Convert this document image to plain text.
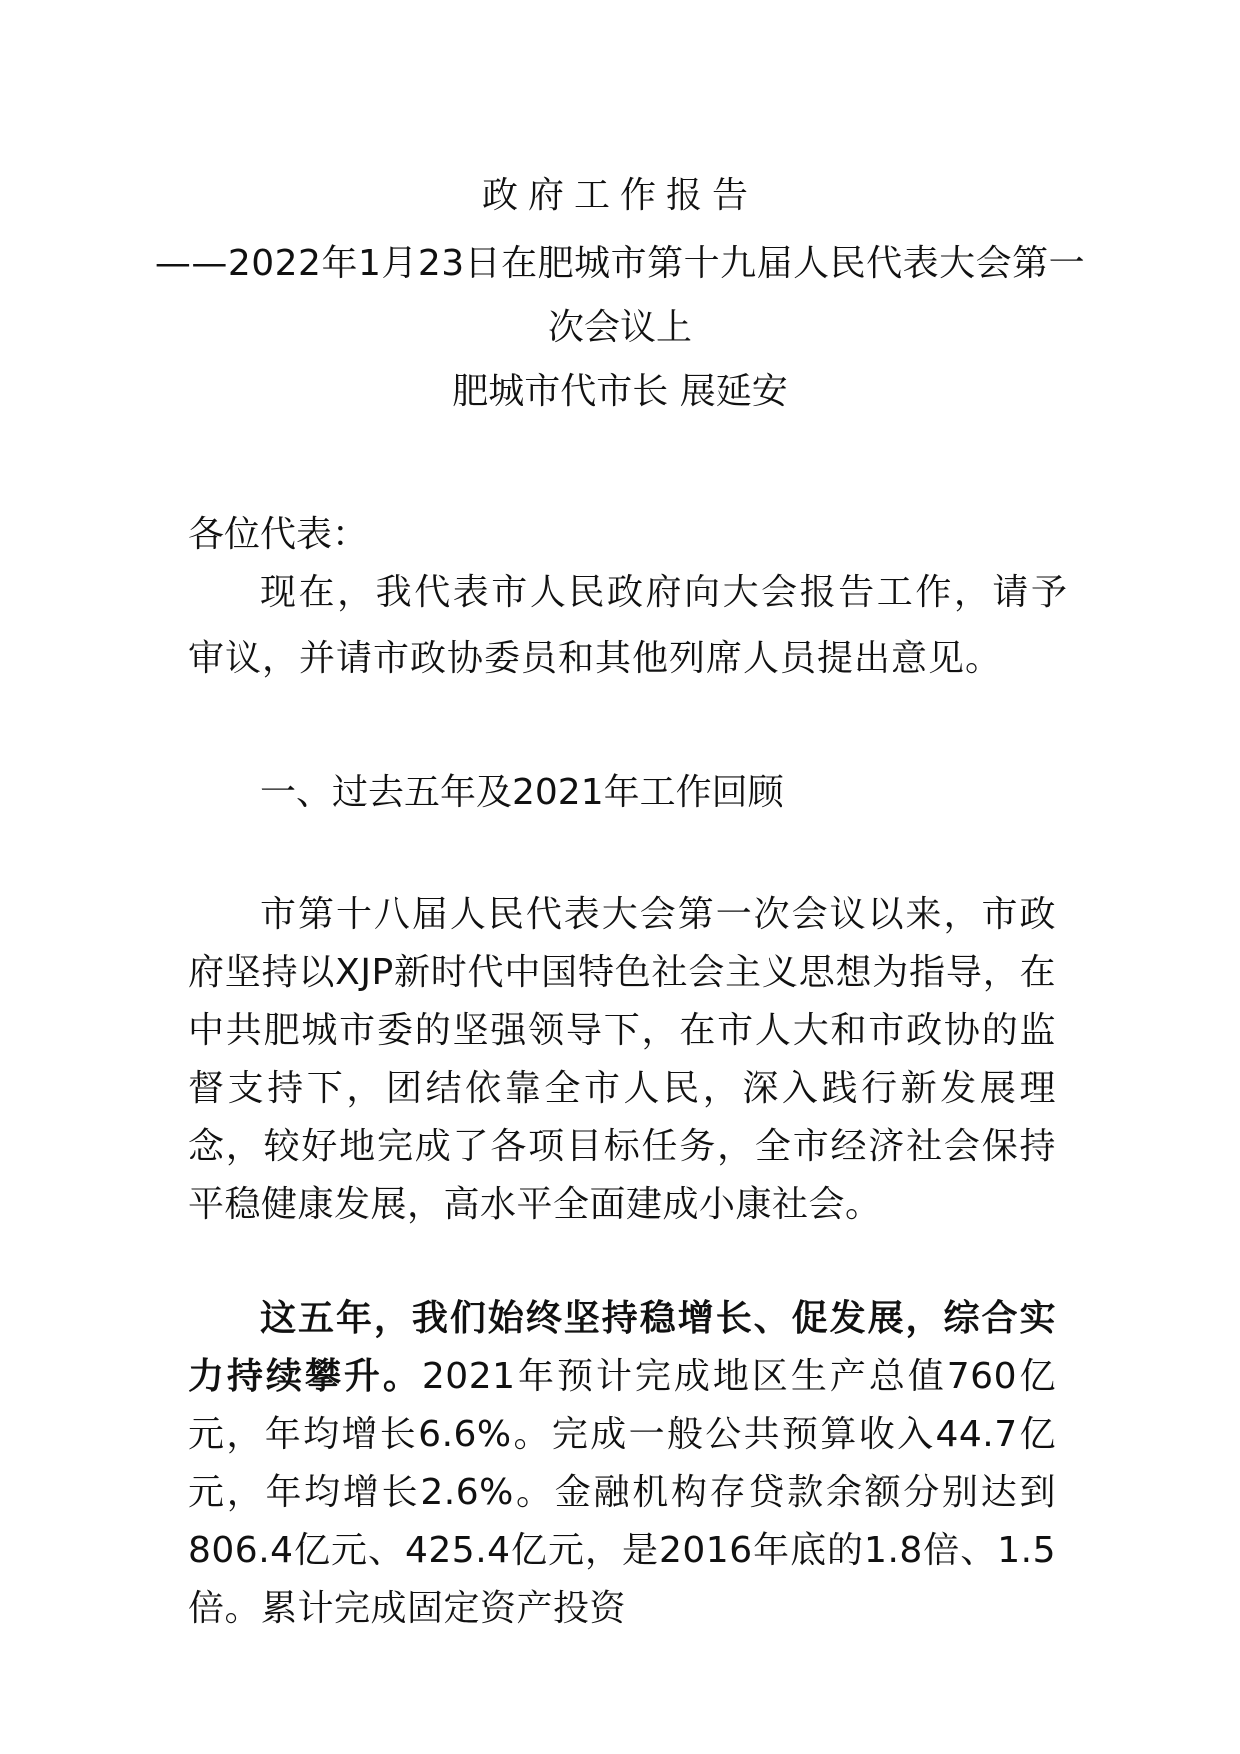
政府工作报告
——2022年1月23日在肥城市第十九届人民代表大会第一
次会议上
肥城市代市长 展延安
各位代表：
现在，我代表市人民政府向大会报告工作，请予审议，并请市政协委员和其他列席人员提出意见。
一、过去五年及2021年工作回顾
市第十八届人民代表大会第一次会议以来，市政府坚持以XJP新时代中国特色社会主义思想为指导，在中共肥城市委的坚强领导下，在市人大和市政协的监督支持下，团结依靠全市人民，深入践行新发展理念，较好地完成了各项目标任务，全市经济社会保持平稳健康发展，高水平全面建成小康社会。
这五年，我们始终坚持稳增长、促发展，综合实力持续攀升。2021年预计完成地区生产总值760亿元，年均增长6.6%。完成一般公共预算收入44.7亿元，年均增长2.6%。金融机构存贷款余额分别达到806.4亿元、425.4亿元，是2016年底的1.8倍、1.5倍。累计完成固定资产投资
